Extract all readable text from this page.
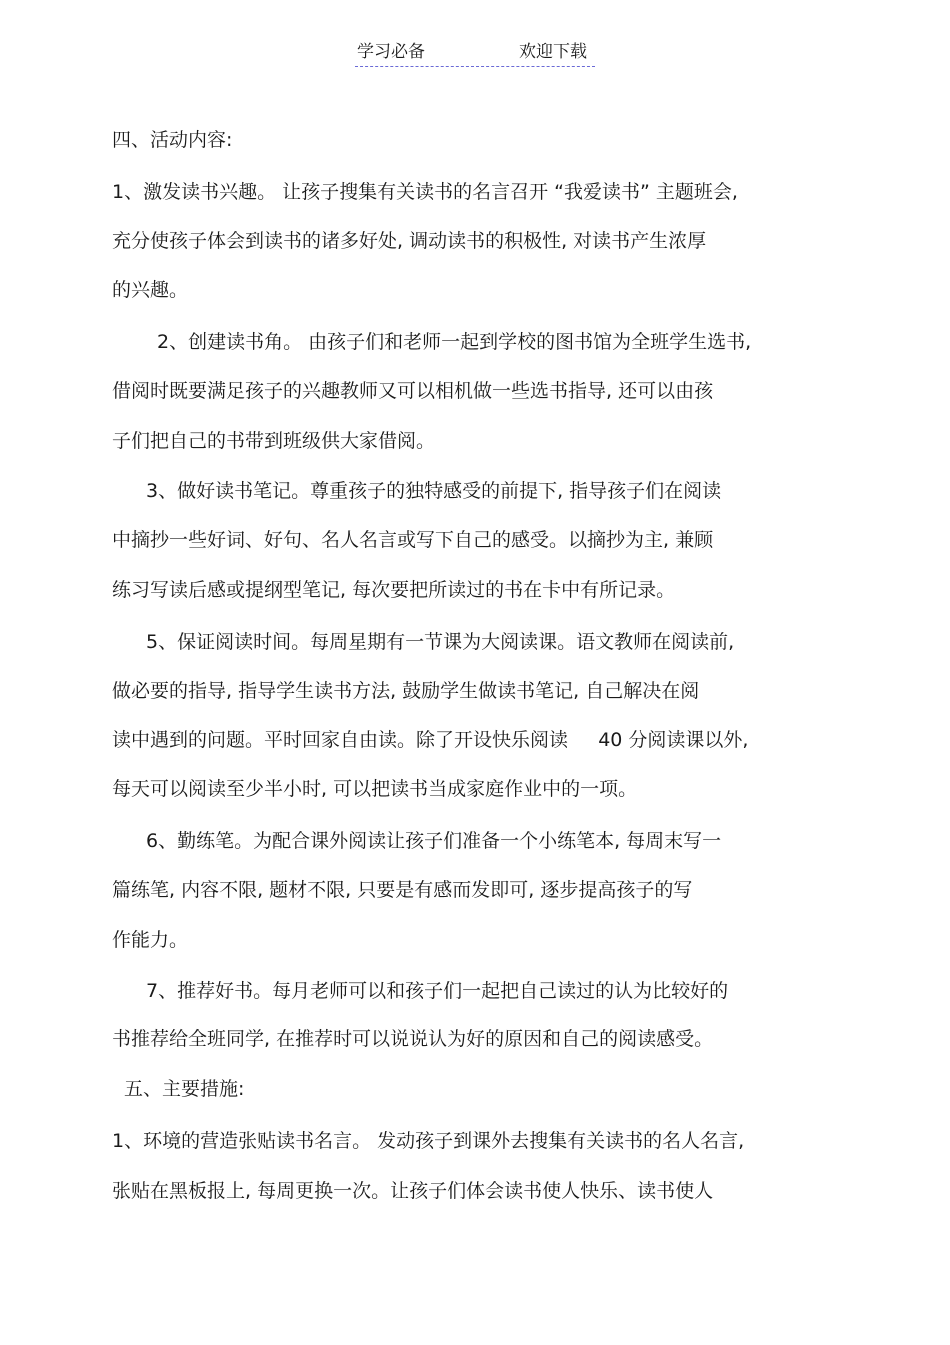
学习必备	欢迎下载
四、活动内容:
1、激发读书兴趣。 让孩子搜集有关读书的名言召开 “我爱读书” 主题班会,
充分使孩子体会到读书的诸多好处, 调动读书的积极性, 对读书产生浓厚
的兴趣。
2、创建读书角。 由孩子们和老师一起到学校的图书馆为全班学生选书,
借阅时既要满足孩子的兴趣教师又可以相机做一些选书指导, 还可以由孩
子们把自己的书带到班级供大家借阅。
3、做好读书笔记。尊重孩子的独特感受的前提下, 指导孩子们在阅读
中摘抄一些好词、好句、名人名言或写下自己的感受。以摘抄为主, 兼顾
练习写读后感或提纲型笔记, 每次要把所读过的书在卡中有所记录。
5、保证阅读时间。每周星期有一节课为大阅读课。语文教师在阅读前,
做必要的指导, 指导学生读书方法, 鼓励学生做读书笔记, 自己解决在阅
读中遇到的问题。平时回家自由读。除了开设快乐阅读     40 分阅读课以外,
每天可以阅读至少半小时, 可以把读书当成家庭作业中的一项。
6、勤练笔。为配合课外阅读让孩子们准备一个小练笔本, 每周末写一
篇练笔, 内容不限, 题材不限, 只要是有感而发即可, 逐步提高孩子的写
作能力。
7、推荐好书。每月老师可以和孩子们一起把自己读过的认为比较好的
书推荐给全班同学, 在推荐时可以说说认为好的原因和自己的阅读感受。
五、主要措施:
1、环境的营造张贴读书名言。 发动孩子到课外去搜集有关读书的名人名言,
张贴在黑板报上, 每周更换一次。让孩子们体会读书使人快乐、读书使人
